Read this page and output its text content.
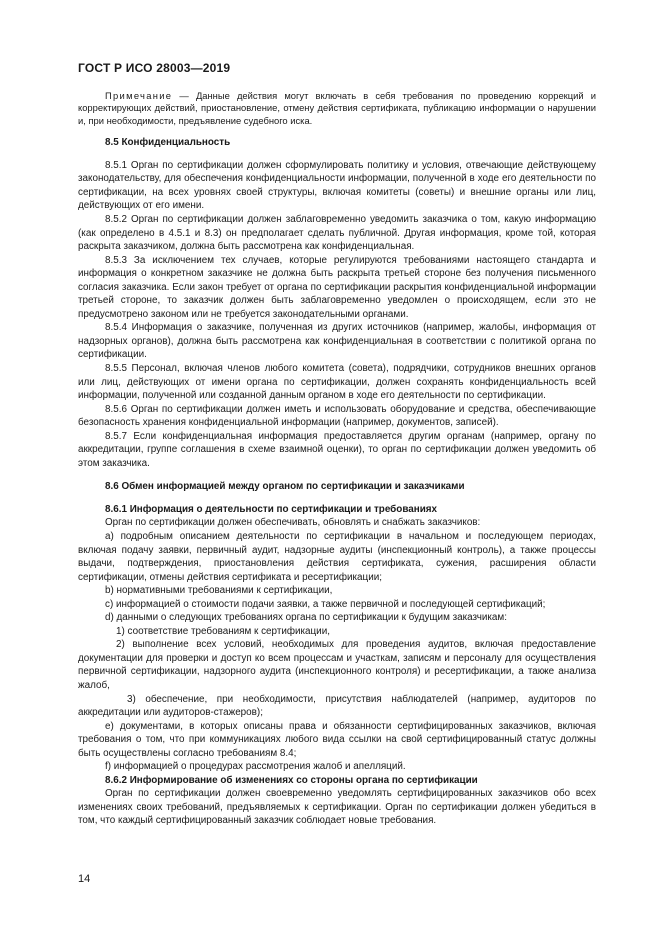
ГОСТ Р ИСО 28003—2019

Примечание — Данные действия могут включать в себя требования по проведению коррекций и корректирующих действий, приостановление, отмену действия сертификата, публикацию информации о нарушении и, при необходимости, предъявление судебного иска.

8.5 Конфиденциальность

8.5.1 Орган по сертификации должен сформулировать политику и условия, отвечающие действующему законодательству, для обеспечения конфиденциальности информации, полученной в ходе его деятельности по сертификации, на всех уровнях своей структуры, включая комитеты (советы) и внешние органы или лиц, действующих от его имени.

8.5.2 Орган по сертификации должен заблаговременно уведомить заказчика о том, какую информацию (как определено в 4.5.1 и 8.3) он предполагает сделать публичной. Другая информация, кроме той, которая раскрыта заказчиком, должна быть рассмотрена как конфиденциальная.

8.5.3 За исключением тех случаев, которые регулируются требованиями настоящего стандарта и информация о конкретном заказчике не должна быть раскрыта третьей стороне без получения письменного согласия заказчика. Если закон требует от органа по сертификации раскрытия конфиденциальной информации третьей стороне, то заказчик должен быть заблаговременно уведомлен о происходящем, если это не предусмотрено законом или не требуется законодательными органами.

8.5.4 Информация о заказчике, полученная из других источников (например, жалобы, информация от надзорных органов), должна быть рассмотрена как конфиденциальная в соответствии с политикой органа по сертификации.

8.5.5 Персонал, включая членов любого комитета (совета), подрядчики, сотрудников внешних органов или лиц, действующих от имени органа по сертификации, должен сохранять конфиденциальность всей информации, полученной или созданной данным органом в ходе его деятельности по сертификации.

8.5.6 Орган по сертификации должен иметь и использовать оборудование и средства, обеспечивающие безопасность хранения конфиденциальной информации (например, документов, записей).

8.5.7 Если конфиденциальная информация предоставляется другим органам (например, органу по аккредитации, группе соглашения в схеме взаимной оценки), то орган по сертификации должен уведомить об этом заказчика.

8.6 Обмен информацией между органом по сертификации и заказчиками

8.6.1 Информация о деятельности по сертификации и требованиях

Орган по сертификации должен обеспечивать, обновлять и снабжать заказчиков:

a) подробным описанием деятельности по сертификации в начальном и последующем периодах, включая подачу заявки, первичный аудит, надзорные аудиты (инспекционный контроль), а также процессы выдачи, подтверждения, приостановления действия сертификата, сужения, расширения области сертификации, отмены действия сертификата и ресертификации;

b) нормативными требованиями к сертификации,

c) информацией о стоимости подачи заявки, а также первичной и последующей сертификаций;

d) данными о следующих требованиях органа по сертификации к будущим заказчикам:

1) соответствие требованиям к сертификации,

2) выполнение всех условий, необходимых для проведения аудитов, включая предоставление документации для проверки и доступ ко всем процессам и участкам, записям и персоналу для осуществления первичной сертификации, надзорного аудита (инспекционного контроля) и ресертификации, а также анализа жалоб,

3) обеспечение, при необходимости, присутствия наблюдателей (например, аудиторов по аккредитации или аудиторов-стажеров);

e) документами, в которых описаны права и обязанности сертифицированных заказчиков, включая требования о том, что при коммуникациях любого вида ссылки на свой сертифицированный статус должны быть осуществлены согласно требованиям 8.4;

f) информацией о процедурах рассмотрения жалоб и апелляций.

8.6.2 Информирование об изменениях со стороны органа по сертификации

Орган по сертификации должен своевременно уведомлять сертифицированных заказчиков обо всех изменениях своих требований, предъявляемых к сертификации. Орган по сертификации должен убедиться в том, что каждый сертифицированный заказчик соблюдает новые требования.

14
